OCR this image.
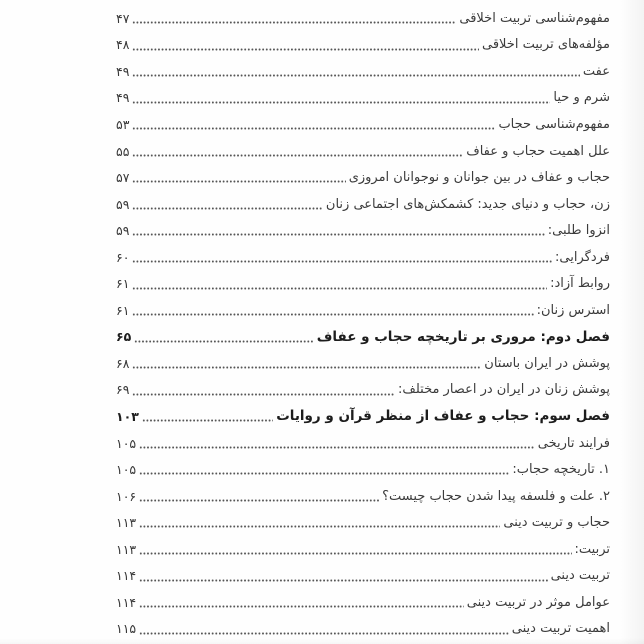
مفهوم‌شناسی تربیت اخلاقی
۴۷
مؤلفه‌های تربیت اخلاقی
۴۸
عفت
۴۹
شرم و حیا
۴۹
مفهوم‌شناسی حجاب
۵۳
علل اهمیت حجاب و عفاف
۵۵
حجاب و عفاف در بین جوانان و نوجوانان امروزی
۵۷
زن، حجاب و دنیای جدید: کشمکش‌های اجتماعی زنان
۵۹
انزوا طلبی:
۵۹
فردگرایی:
۶۰
روابط آزاد:
۶۱
استرس زنان:
۶۱
فصل دوم: مروری بر تاریخچه حجاب و عفاف
۶۵
پوشش در ایران باستان
۶۸
پوشش زنان در ایران در اعصار مختلف:
۶۹
فصل سوم: حجاب و عفاف از منظر قرآن و روایات
۱۰۳
فرایند تاریخی
۱۰۵
۱. تاریخچه حجاب:
۱۰۵
۲. علت و فلسفه پیدا شدن حجاب چیست؟
۱۰۶
حجاب و تربیت دینی
۱۱۳
تربیت:
۱۱۳
تربیت دینی
۱۱۴
عوامل موثر در تربیت دینی
۱۱۴
اهمیت تربیت دینی
۱۱۵
